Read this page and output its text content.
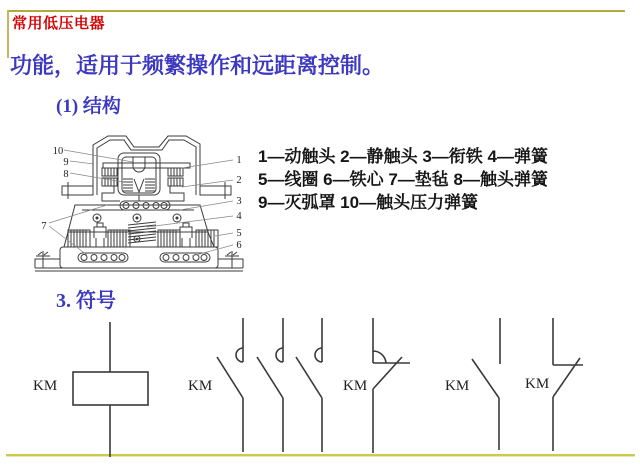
常用低压电器
功能，适用于频繁操作和远距离控制。
(1) 结构
10
9
8
7
1
2
3
4
5
6
1—动触头 2—静触头 3—衔铁 4—弹簧
5—线圈 6—铁心 7—垫毡 8—触头弹簧
9—灭弧罩 10—触头压力弹簧
3. 符号
KM	KM	KM	KM	KM
